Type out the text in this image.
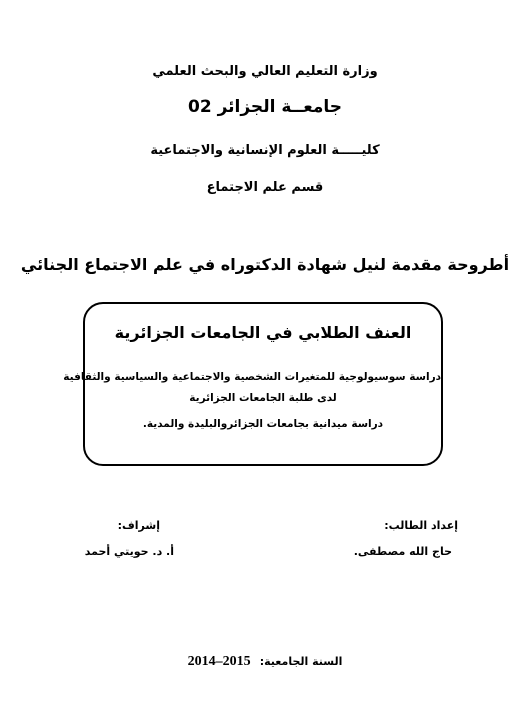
وزارة التعليم العالي والبحث العلمي
جامعــة الجزائر 02
كليـــــة العلوم الإنسانية والاجتماعية
قسم علم الاجتماع
أطروحة مقدمة لنيل شهادة الدكتوراه في علم الاجتماع الجنائي
العنف الطلابي في الجامعات الجزائرية
دراسة سوسيولوجية للمتغيرات الشخصية والاجتماعية والسياسية والثقافية
لدى طلبة الجامعات الجزائرية
دراسة ميدانية بجامعات الجزائروالبليدة والمدية.
إعداد الطالب:
حاج الله مصطفى.
إشراف:
أ. د. حويتي أحمد
السنة الجامعية: 2014–2015
